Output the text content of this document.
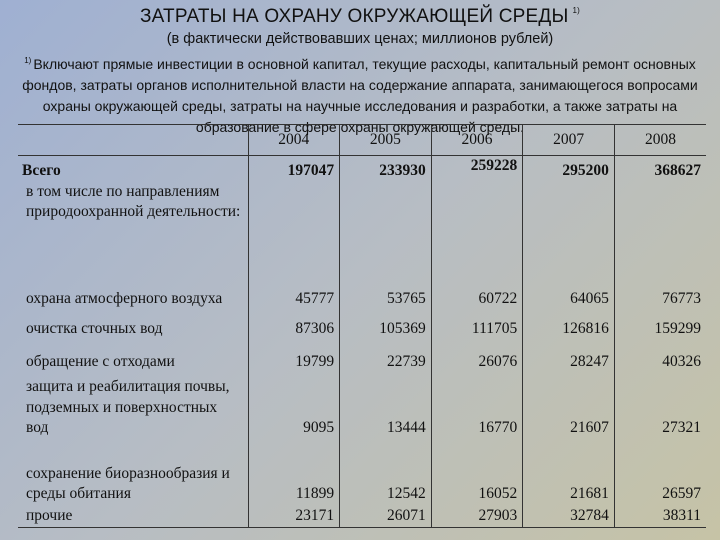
ЗАТРАТЫ НА ОХРАНУ ОКРУЖАЮЩЕЙ СРЕДЫ $^{1)}$
(в фактически действовавших ценах; миллионов рублей)
$^{1)}$ Включают прямые инвестиции в основной капитал, текущие расходы, капитальный ремонт основных фондов, затраты органов исполнительной власти на содержание аппарата, занимающегося вопросами охраны окружающей среды, затраты на научные исследования и разработки, а также затраты на образование в сфере охраны окружающей среды.
	2004	2005	2006	2007	2008
Всего	197047	233930	259228	295200	368627
в том числе по направлениям природоохранной деятельности:					
охрана атмосферного воздуха	45777	53765	60722	64065	76773
очистка сточных вод	87306	105369	111705	126816	159299
обращение с отходами	19799	22739	26076	28247	40326
защита и реабилитация почвы, подземных и поверхностных вод	9095	13444	16770	21607	27321
сохранение биоразнообразия и среды обитания	11899	12542	16052	21681	26597
прочие	23171	26071	27903	32784	38311
